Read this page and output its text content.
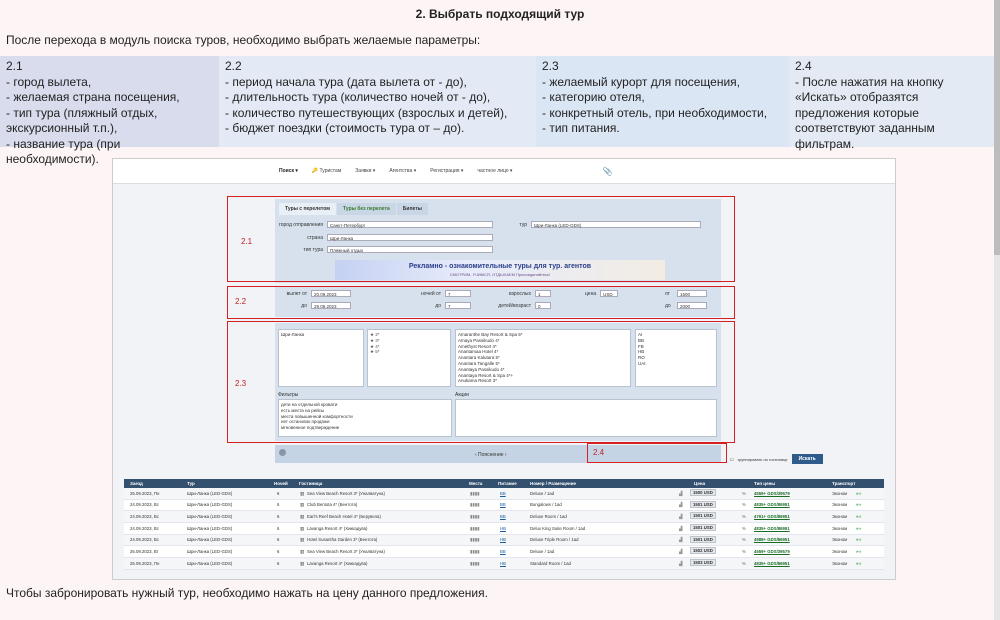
2. Выбрать подходящий тур
После перехода в модуль поиска туров, необходимо выбрать желаемые параметры:
2.1
- город вылета,
- желаемая страна посещения,
- тип тура (пляжный отдых, экскурсионный т.п.),
- название тура (при необходимости).
2.2
- период начала тура (дата вылета от - до),
- длительность тура (количество ночей от - до),
- количество путешествующих (взрослых и детей),
- бюджет поездки (стоимость тура от – до).
2.3
- желаемый курорт для посещения,
- категорию отеля,
- конкретный отель, при необходимости,
- тип питания.
2.4
- После нажатия на кнопку «Искать» отобразятся предложения которые соответствуют заданным фильтрам.
Поиск ▾	🔑 Туристам	Заявки ▾	Агентства ▾	Регистрация ▾	частное лицо ▾	📎
Туры с перелетом	Туры без перелета	Билеты
город отправления	Санкт-Петербург	тур	Шри-Ланка (LED-GDS)
страна	Шри-Ланка
тип тура	Пляжный отдых
Рекламно - ознакомительные туры для тур. агентов
СМОТРИМ, УЧИМСЯ, ОТДЫХАЕМ Присоединяйтесь!
вылет от	20.09.2023
до	29.09.2023
ночей от	7
до	7
взрослых	1
детей/возраст	0
цена	USD	от	1500
до	2000
Шри-Ланка	★ 2*
★ 3*
★ 4*
★ 5*
Amaranthe Bay Resort & Spa 5*
Amaya Passikudo 4*
Amethyst Resort 4*
Anantamaa Hotel 4*
Anantara Kalutara 5*
Anantara Tangalle 5*
Anantaya Passikudo 4*
Anantaya Resort & Spa 4*+
Anukama Resort 3*
AI
BB
FB
HB
RO
UAI
Фильтры	Акции
дети на отдельной кровати
есть места на рейсы
места повышенной комфортности
нет остановок продажи
мгновенное подтверждение
‹ Пояснение ›
☐ группировать по гостинице	Искать
2.1
2.2
2.3
2.4
Заезд	Тур	Ночей Гостиница	Места	Питание	Номер / Размещение	Цена	Тип цены	Транспорт
25.09.2023, Пн	Шри-Ланка (LED-GDS)	6	▥ Sea View Beach Resort 3* (Уналватуна)	▮▮▮▮	BB	Deluxe / 1ad	▟	1500 USD	% 4559+ GDS/39579	Эконом »‹‹
24.09.2023, Вс	Шри-Ланка (LED-GDS)	6	▥ Club Bentota 4* (Бентота)	▮▮▮▮	BB	Bungalows / 1ad	▟	1501 USD	% 4835+ GDS/86951	Эконом »‹‹
24.09.2023, Вс	Шри-Ланка (LED-GDS)	6	▥ Earl's Reef Beach Hotel 4* (Берувела)	▮▮▮▮	BB	Deluxe Room / 1ad	▟	1501 USD	% 4761+ GDS/86951	Эконом »‹‹
24.09.2023, Вс	Шри-Ланка (LED-GDS)	6	▥ Lavanga Resort 4* (Хиккадува)	▮▮▮▮	HB	Delux King Suite Room / 1ad	▟	1501 USD	% 4835+ GDS/86951	Эконом »‹‹
24.09.2023, Вс	Шри-Ланка (LED-GDS)	6	▥ Hotel Susantha Garden 3* (Бентота)	▮▮▮▮	HB	Deluxe Triple Room / 1ad	▟	1501 USD	% 4988+ GDS/86951	Эконом »‹‹
26.09.2023, Вт	Шри-Ланка (LED-GDS)	6	▥ Sea View Beach Resort 3* (Уналватуна)	▮▮▮▮	BB	Deluxe / 1ad	▟	1502 USD	% 4559+ GDS/39579	Эконом »‹‹
25.09.2023, Пн	Шри-Ланка (LED-GDS)	6	▥ Lavanga Resort 4* (Хиккадува)	▮▮▮▮	HB	Standard Room / 1ad	▟	1503 USD	% 4835+ GDS/86951	Эконом »‹‹
Чтобы забронировать нужный тур, необходимо нажать на цену данного предложения.
